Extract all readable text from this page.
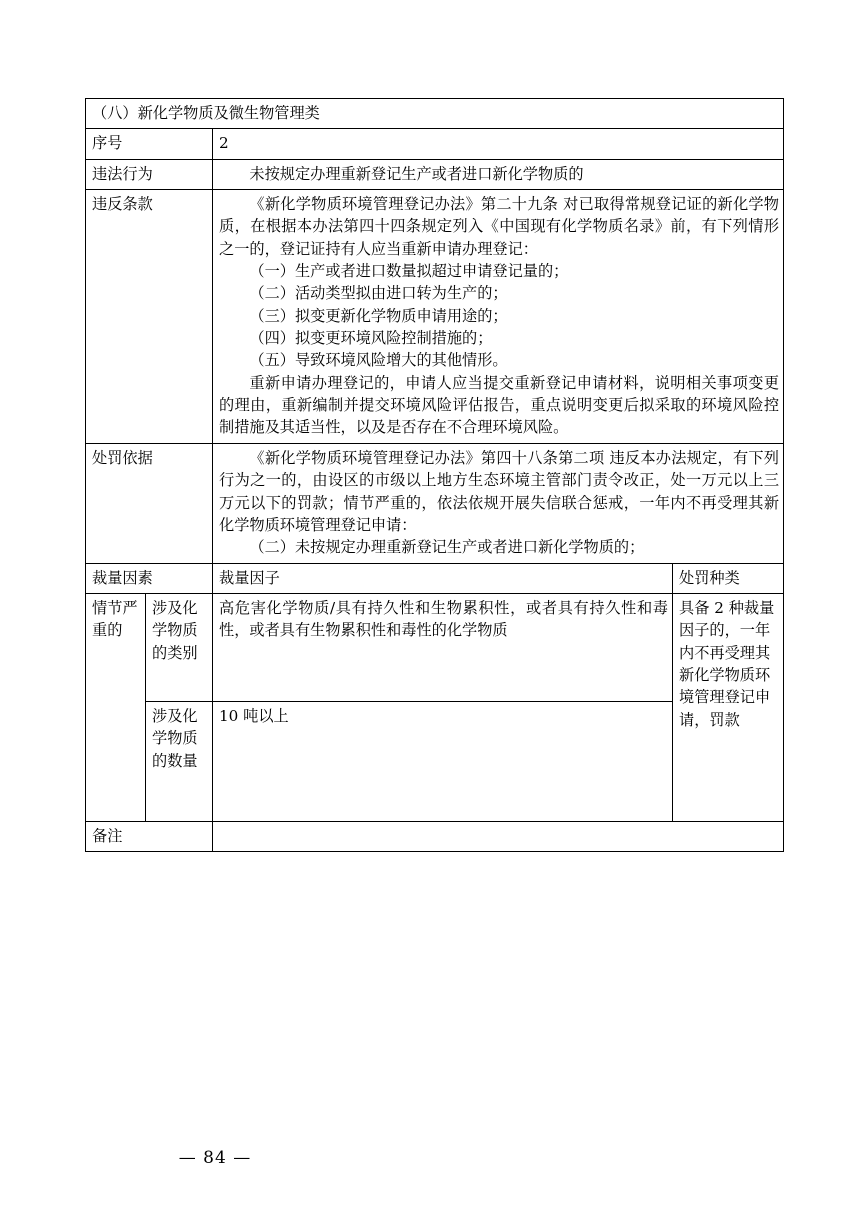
（八）新化学物质及微生物管理类			
序号		2	
违法行为		未按规定办理重新登记生产或者进口新化学物质的	
违反条款	《新化学物质环境管理登记办法》第二十九条 对已取得常规登记证的新化学物质，在根据本办法第四十四条规定列入《中国现有化学物质名录》前，有下列情形之一的，登记证持有人应当重新申请办理登记：

（一）生产或者进口数量拟超过申请登记量的；

（二）活动类型拟由进口转为生产的；

（三）拟变更新化学物质申请用途的；

（四）拟变更环境风险控制措施的；

（五）导致环境风险增大的其他情形。

重新申请办理登记的，申请人应当提交重新登记申请材料，说明相关事项变更的理由，重新编制并提交环境风险评估报告，重点说明变更后拟采取的环境风险控制措施及其适当性，以及是否存在不合理环境风险。

处罚依据		《新化学物质环境管理登记办法》第四十八条第二项 违反本办法规定，有下列行为之一的，由设区的市级以上地方生态环境主管部门责令改正，处一万元以上三万元以下的罚款；情节严重的，依法依规开展失信联合惩戒，一年内不再受理其新化学物质环境管理登记申请：

（二）未按规定办理重新登记生产或者进口新化学物质的；	

裁量因素		裁量因子	处罚种类
情节严重的	涉及化学物质的类别	高危害化学物质/具有持久性和生物累积性，或者具有持久性和毒性，或者具有生物累积性和毒性的化学物质	具备 2 种裁量因子的，一年内不再受理其新化学物质环境管理登记申请，罚款
	涉及化学物质的数量	10 吨以上	
备注			
— 84 —
